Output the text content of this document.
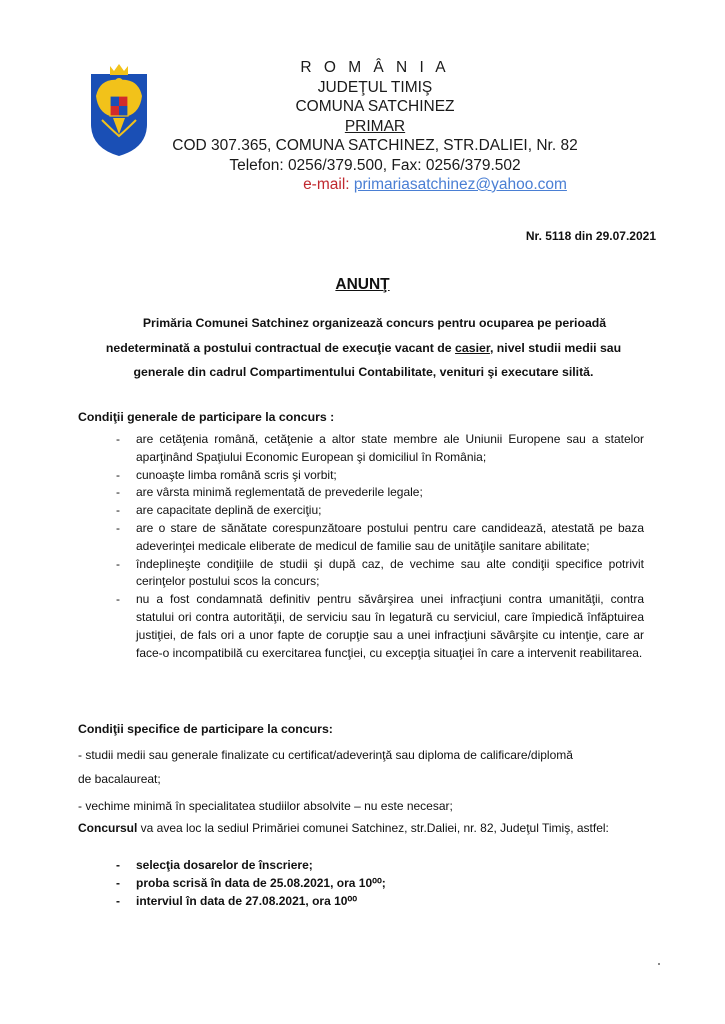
R O M Â N I A
JUDEŢUL TIMIŞ
COMUNA SATCHINEZ
PRIMAR
COD 307.365, COMUNA SATCHINEZ, STR.DALIEI, Nr. 82
Telefon: 0256/379.500, Fax: 0256/379.502
e-mail: primariasatchinez@yahoo.com
Nr. 5118 din 29.07.2021
ANUNŢ
Primăria Comunei Satchinez organizează concurs pentru ocuparea pe perioadă nedeterminată a postului contractual de execuţie vacant de casier, nivel studii medii sau generale din cadrul Compartimentului Contabilitate, venituri şi executare silită.
Condiţii generale de participare la concurs :
- are cetăţenia română, cetăţenie a altor state membre ale Uniunii Europene sau a statelor aparţinând Spaţiului Economic European şi domiciliul în România;
- cunoaşte limba română scris şi vorbit;
- are vârsta minimă reglementată de prevederile legale;
- are capacitate deplină de exerciţiu;
- are o stare de sănătate corespunzătoare postului pentru care candidează, atestată pe baza adeverinţei medicale eliberate de medicul de familie sau de unităţile sanitare abilitate;
- îndeplineşte condiţiile de studii şi după caz, de vechime sau alte condiţii specifice potrivit cerinţelor postului scos la concurs;
- nu a fost condamnată definitiv pentru săvârşirea unei infracţiuni contra umanităţii, contra statului ori contra autorităţii, de serviciu sau în legatură cu serviciul, care împiedică înfăptuirea justiţiei, de fals ori a unor fapte de corupţie sau a unei infracţiuni săvârşite cu intenţie, care ar face-o incompatibilă cu exercitarea funcţiei, cu excepţia situaţiei în care a intervenit reabilitarea.
Condiţii specifice de participare la concurs:
- studii medii sau generale finalizate cu certificat/adeverinţă sau diploma de calificare/diplomă
de bacalaureat;
- vechime minimă în specialitatea studiilor absolvite – nu este necesar;
Concursul va avea loc la sediul Primăriei comunei Satchinez, str.Daliei, nr. 82, Judeţul Timiş, astfel:
- selecţia dosarelor de înscriere;
- proba scrisă în data de 25.08.2021, ora 10⁰⁰;
- interviul în data de 27.08.2021, ora 10⁰⁰
